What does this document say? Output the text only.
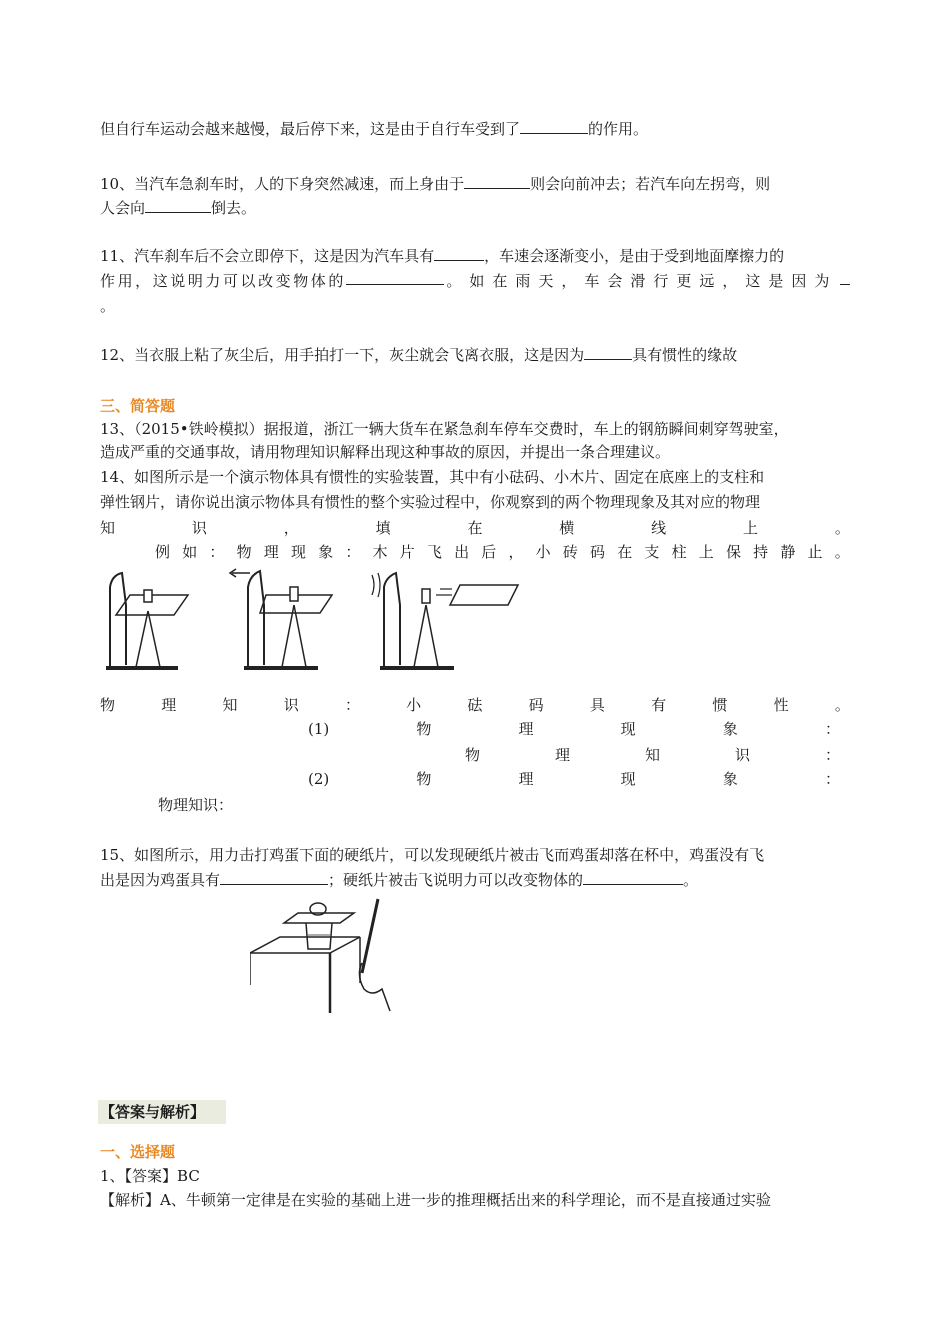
但自行车运动会越来越慢，最后停下来，这是由于自行车受到了	的作用。
10、当汽车急刹车时，人的下身突然减速，而上身由于	则会向前冲去；若汽车向左拐弯，则
人会向	倒去。
11、汽车刹车后不会立即停下，这是因为汽车具有	，车速会逐渐变小，是由于受到地面摩擦力的
作 用 ， 这 说 明 力 可 以 改 变 物 体 的	。如在雨天，车会滑行更远，这是因为
。
12、当衣服上粘了灰尘后，用手拍打一下，灰尘就会飞离衣服，这是因为	具有惯性的缘故
三、简答题
13、（2015•铁岭模拟）据报道，浙江一辆大货车在紧急刹车停车交费时，车上的钢筋瞬间刺穿驾驶室，
造成严重的交通事故，请用物理知识解释出现这种事故的原因，并提出一条合理建议。
14、如图所示是一个演示物体具有惯性的实验装置，其中有小砝码、小木片、固定在底座上的支柱和
弹性钢片，请你说出演示物体具有惯性的整个实验过程中，你观察到的两个物理现象及其对应的物理
知	识	，	填	在	横	线	上	。
例 如 ： 物 理 现 象 ： 木 片 飞 出 后 ， 小 砖 码 在 支 柱 上 保 持 静 止 。
物	理	知	识	：	小	砝	码	具	有	惯	性	。
(1)	物	理	现	象	：
物	理	知	识	：
(2)	物	理	现	象	：
物理知识：
15、如图所示，用力击打鸡蛋下面的硬纸片，可以发现硬纸片被击飞而鸡蛋却落在杯中，鸡蛋没有飞
出是因为鸡蛋具有	；硬纸片被击飞说明力可以改变物体的	。
【答案与解析】
一、选择题
1、【答案】BC
【解析】A、牛顿第一定律是在实验的基础上进一步的推理概括出来的科学理论，而不是直接通过实验
